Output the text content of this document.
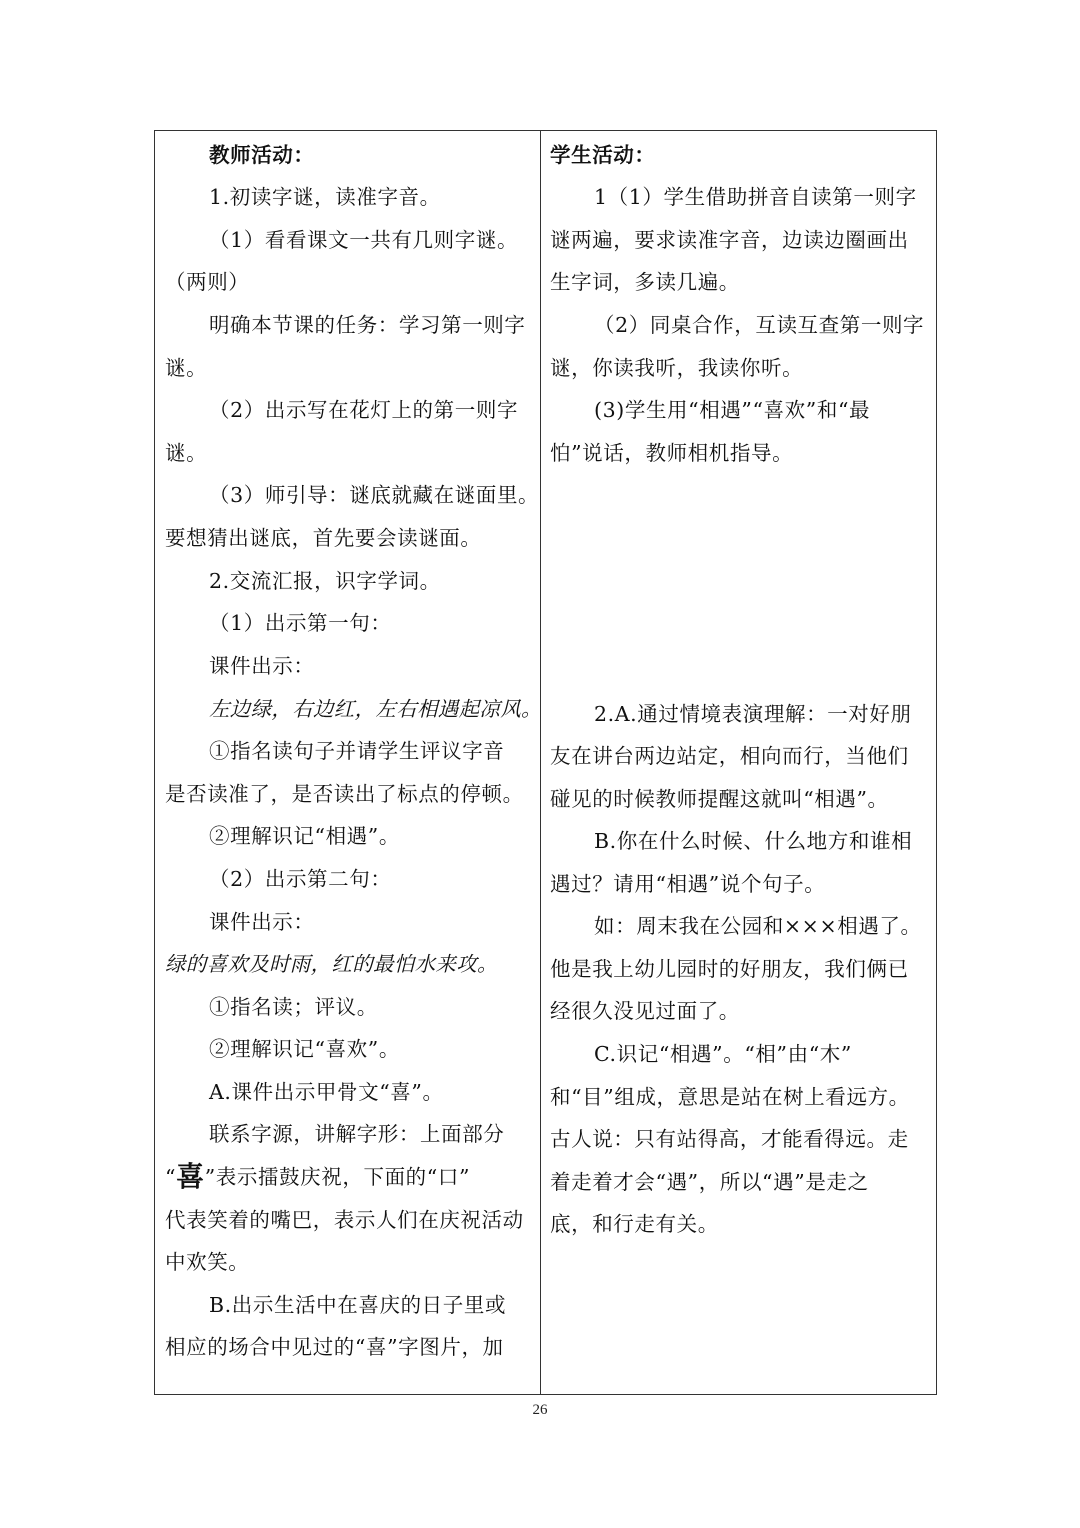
教师活动：
1.初读字谜，读准字音。
（1）看看课文一共有几则字谜。
（两则）
明确本节课的任务：学习第一则字
谜。
（2）出示写在花灯上的第一则字
谜。
（3）师引导：谜底就藏在谜面里。
要想猜出谜底，首先要会读谜面。
2.交流汇报，识字学词。
（1）出示第一句：
课件出示：
左边绿，右边红，左右相遇起凉风。
①指名读句子并请学生评议字音
是否读准了，是否读出了标点的停顿。
②理解识记“相遇”。
（2）出示第二句：
课件出示：
绿的喜欢及时雨，红的最怕水来攻。
①指名读；评议。
②理解识记“喜欢”。
A.课件出示甲骨文“喜”。
联系字源，讲解字形：上面部分
“喜”表示擂鼓庆祝，下面的“口”
代表笑着的嘴巴，表示人们在庆祝活动
中欢笑。
B.出示生活中在喜庆的日子里或
相应的场合中见过的“喜”字图片，加
学生活动：
1（1）学生借助拼音自读第一则字
谜两遍，要求读准字音，边读边圈画出
生字词，多读几遍。
（2）同桌合作，互读互查第一则字
谜，你读我听，我读你听。
(3)学生用“相遇”“喜欢”和“最
怕”说话，教师相机指导。
2.A.通过情境表演理解：一对好朋
友在讲台两边站定，相向而行，当他们
碰见的时候教师提醒这就叫“相遇”。
B.你在什么时候、什么地方和谁相
遇过？请用“相遇”说个句子。
如：周末我在公园和×××相遇了。
他是我上幼儿园时的好朋友，我们俩已
经很久没见过面了。
C.识记“相遇”。“相”由“木”
和“目”组成，意思是站在树上看远方。
古人说：只有站得高，才能看得远。走
着走着才会“遇”，所以“遇”是走之
底，和行走有关。
26
